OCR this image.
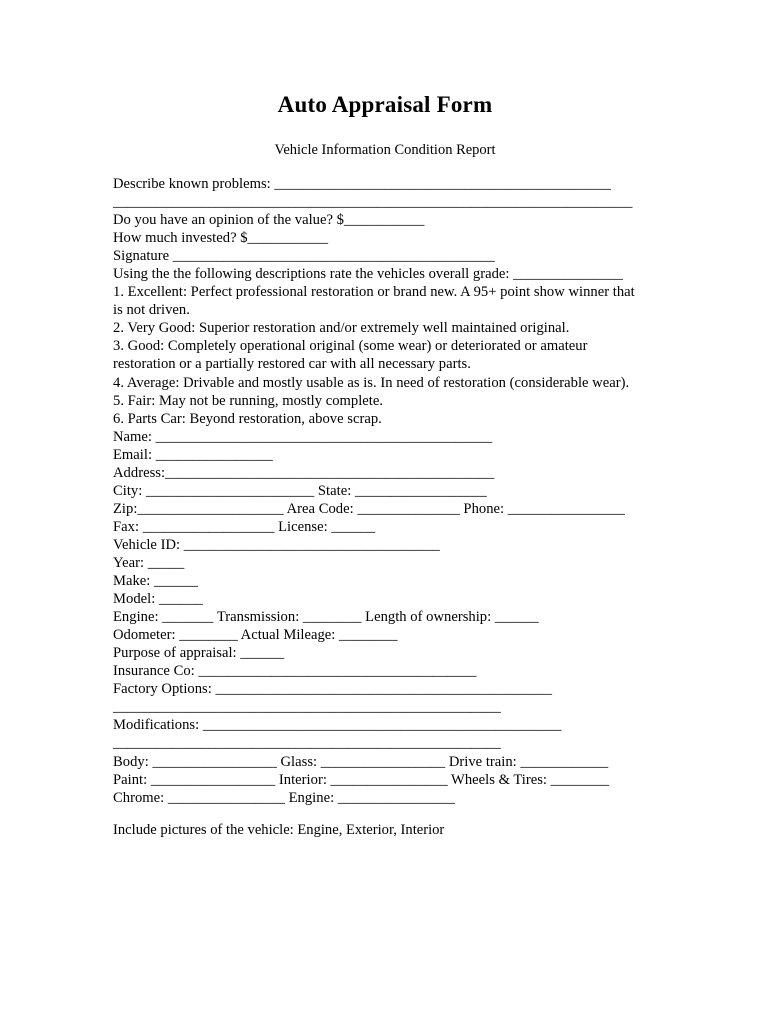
Auto Appraisal Form
Vehicle Information Condition Report
Describe known problems: ______________________________________________
_______________________________________________________________________
Do you have an opinion of the value? $___________
How much invested? $___________
Signature ____________________________________________
Using the the following descriptions rate the vehicles overall grade: _______________
1. Excellent: Perfect professional restoration or brand new. A 95+ point show winner that
is not driven.
2. Very Good: Superior restoration and/or extremely well maintained original.
3. Good: Completely operational original (some wear) or deteriorated or amateur
restoration or a partially restored car with all necessary parts.
4. Average: Drivable and mostly usable as is. In need of restoration (considerable wear).
5. Fair: May not be running, mostly complete.
6. Parts Car: Beyond restoration, above scrap.
Name: ______________________________________________
Email: ________________
Address:_____________________________________________
City: _______________________ State: __________________
Zip:____________________ Area Code: ______________ Phone: ________________
Fax: __________________ License: ______
Vehicle ID: ___________________________________
Year: _____
Make: ______
Model: ______
Engine: _______ Transmission: ________ Length of ownership: ______
Odometer: ________ Actual Mileage: ________
Purpose of appraisal: ______
Insurance Co: ______________________________________
Factory Options: ______________________________________________
_____________________________________________________
Modifications: _________________________________________________
_____________________________________________________
Body: _________________ Glass: _________________ Drive train: ____________
Paint: _________________ Interior: ________________ Wheels & Tires: ________
Chrome: ________________ Engine: ________________
Include pictures of the vehicle: Engine, Exterior, Interior
